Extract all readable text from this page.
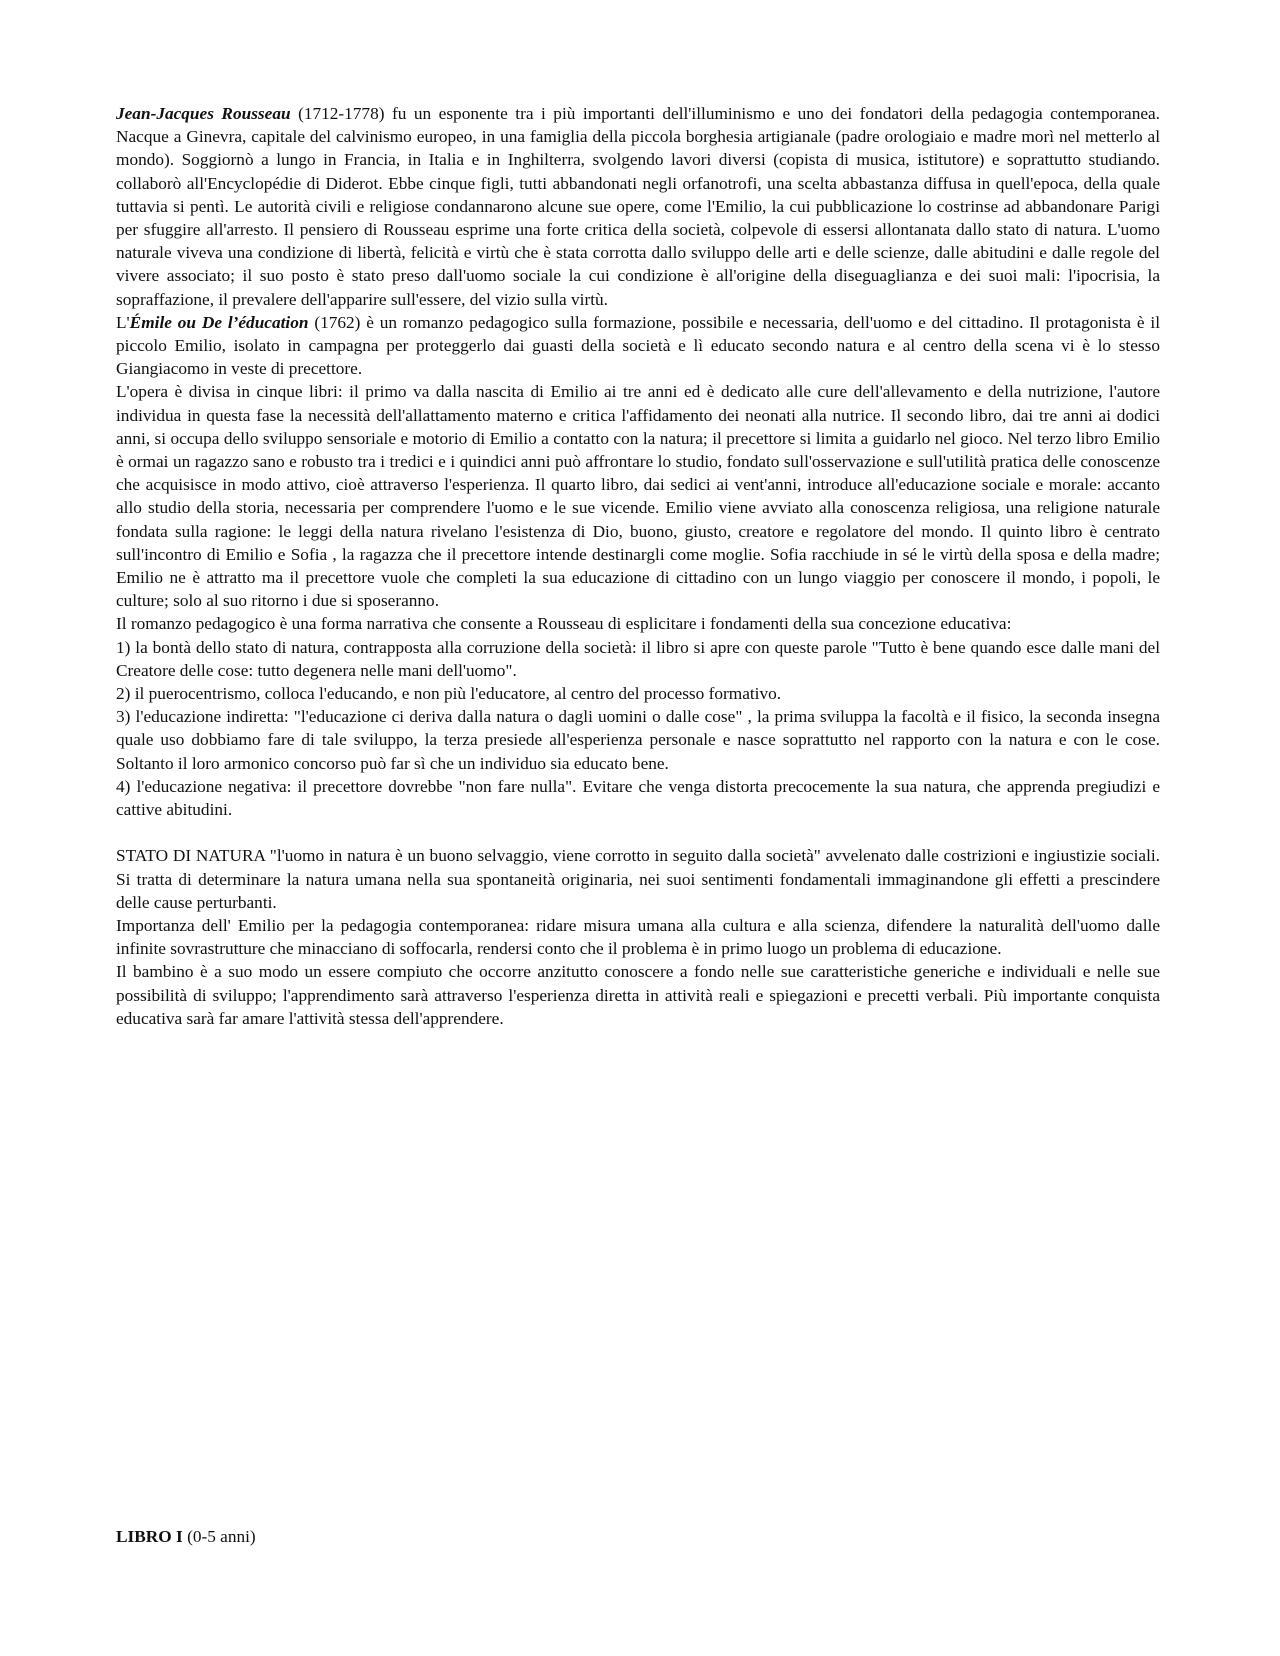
Jean-Jacques Rousseau (1712-1778) fu un esponente tra i più importanti dell'illuminismo e uno dei fondatori della pedagogia contemporanea. Nacque a Ginevra, capitale del calvinismo europeo, in una famiglia della piccola borghesia artigianale (padre orologiaio e madre morì nel metterlo al mondo). Soggiornò a lungo in Francia, in Italia e in Inghilterra, svolgendo lavori diversi (copista di musica, istitutore) e soprattutto studiando. collaborò all'Encyclopédie di Diderot. Ebbe cinque figli, tutti abbandonati negli orfanotrofi, una scelta abbastanza diffusa in quell'epoca, della quale tuttavia si pentì. Le autorità civili e religiose condannarono alcune sue opere, come l'Emilio, la cui pubblicazione lo costrinse ad abbandonare Parigi per sfuggire all'arresto. Il pensiero di Rousseau esprime una forte critica della società, colpevole di essersi allontanata dallo stato di natura. L'uomo naturale viveva una condizione di libertà, felicità e virtù che è stata corrotta dallo sviluppo delle arti e delle scienze, dalle abitudini e dalle regole del vivere associato; il suo posto è stato preso dall'uomo sociale la cui condizione è all'origine della diseguaglianza e dei suoi mali: l'ipocrisia, la sopraffazione, il prevalere dell'apparire sull'essere, del vizio sulla virtù.

L'Émile ou De l’éducation (1762) è un romanzo pedagogico sulla formazione, possibile e necessaria, dell'uomo e del cittadino. Il protagonista è il piccolo Emilio, isolato in campagna per proteggerlo dai guasti della società e lì educato secondo natura e al centro della scena vi è lo stesso Giangiacomo in veste di precettore.

L'opera è divisa in cinque libri: il primo va dalla nascita di Emilio ai tre anni ed è dedicato alle cure dell'allevamento e della nutrizione, l'autore individua in questa fase la necessità dell'allattamento materno e critica l'affidamento dei neonati alla nutrice. Il secondo libro, dai tre anni ai dodici anni, si occupa dello sviluppo sensoriale e motorio di Emilio a contatto con la natura; il precettore si limita a guidarlo nel gioco. Nel terzo libro Emilio è ormai un ragazzo sano e robusto tra i tredici e i quindici anni può affrontare lo studio, fondato sull'osservazione e sull'utilità pratica delle conoscenze che acquisisce in modo attivo, cioè attraverso l'esperienza. Il quarto libro, dai sedici ai vent'anni, introduce all'educazione sociale e morale: accanto allo studio della storia, necessaria per comprendere l'uomo e le sue vicende. Emilio viene avviato alla conoscenza religiosa, una religione naturale fondata sulla ragione: le leggi della natura rivelano l'esistenza di Dio, buono, giusto, creatore e regolatore del mondo. Il quinto libro è centrato sull'incontro di Emilio e Sofia , la ragazza che il precettore intende destinargli come moglie. Sofia racchiude in sé le virtù della sposa e della madre; Emilio ne è attratto ma il precettore vuole che completi la sua educazione di cittadino con un lungo viaggio per conoscere il mondo, i popoli, le culture; solo al suo ritorno i due si sposeranno.

Il romanzo pedagogico è una forma narrativa che consente a Rousseau di esplicitare i fondamenti della sua concezione educativa:

1) la bontà dello stato di natura, contrapposta alla corruzione della società: il libro si apre con queste parole "Tutto è bene quando esce dalle mani del Creatore delle cose: tutto degenera nelle mani dell'uomo".

2) il puerocentrismo, colloca l'educando, e non più l'educatore, al centro del processo formativo.

3) l'educazione indiretta: "l'educazione ci deriva dalla natura o dagli uomini o dalle cose" , la prima sviluppa la facoltà e il fisico, la seconda insegna quale uso dobbiamo fare di tale sviluppo, la terza presiede all'esperienza personale e nasce soprattutto nel rapporto con la natura e con le cose. Soltanto il loro armonico concorso può far sì che un individuo sia educato bene.

4) l'educazione negativa: il precettore dovrebbe "non fare nulla". Evitare che venga distorta precocemente la sua natura, che apprenda pregiudizi e cattive abitudini.

STATO DI NATURA "l'uomo in natura è un buono selvaggio, viene corrotto in seguito dalla società" avvelenato dalle costrizioni e ingiustizie sociali. Si tratta di determinare la natura umana nella sua spontaneità originaria, nei suoi sentimenti fondamentali immaginandone gli effetti a prescindere delle cause perturbanti.

Importanza dell' Emilio per la pedagogia contemporanea: ridare misura umana alla cultura e alla scienza, difendere la naturalità dell'uomo dalle infinite sovrastrutture che minacciano di soffocarla, rendersi conto che il problema è in primo luogo un problema di educazione.

Il bambino è a suo modo un essere compiuto che occorre anzitutto conoscere a fondo nelle sue caratteristiche generiche e individuali e nelle sue possibilità di sviluppo; l'apprendimento sarà attraverso l'esperienza diretta in attività reali e spiegazioni e precetti verbali. Più importante conquista educativa sarà far amare l'attività stessa dell'apprendere.

LIBRO I (0-5 anni)
